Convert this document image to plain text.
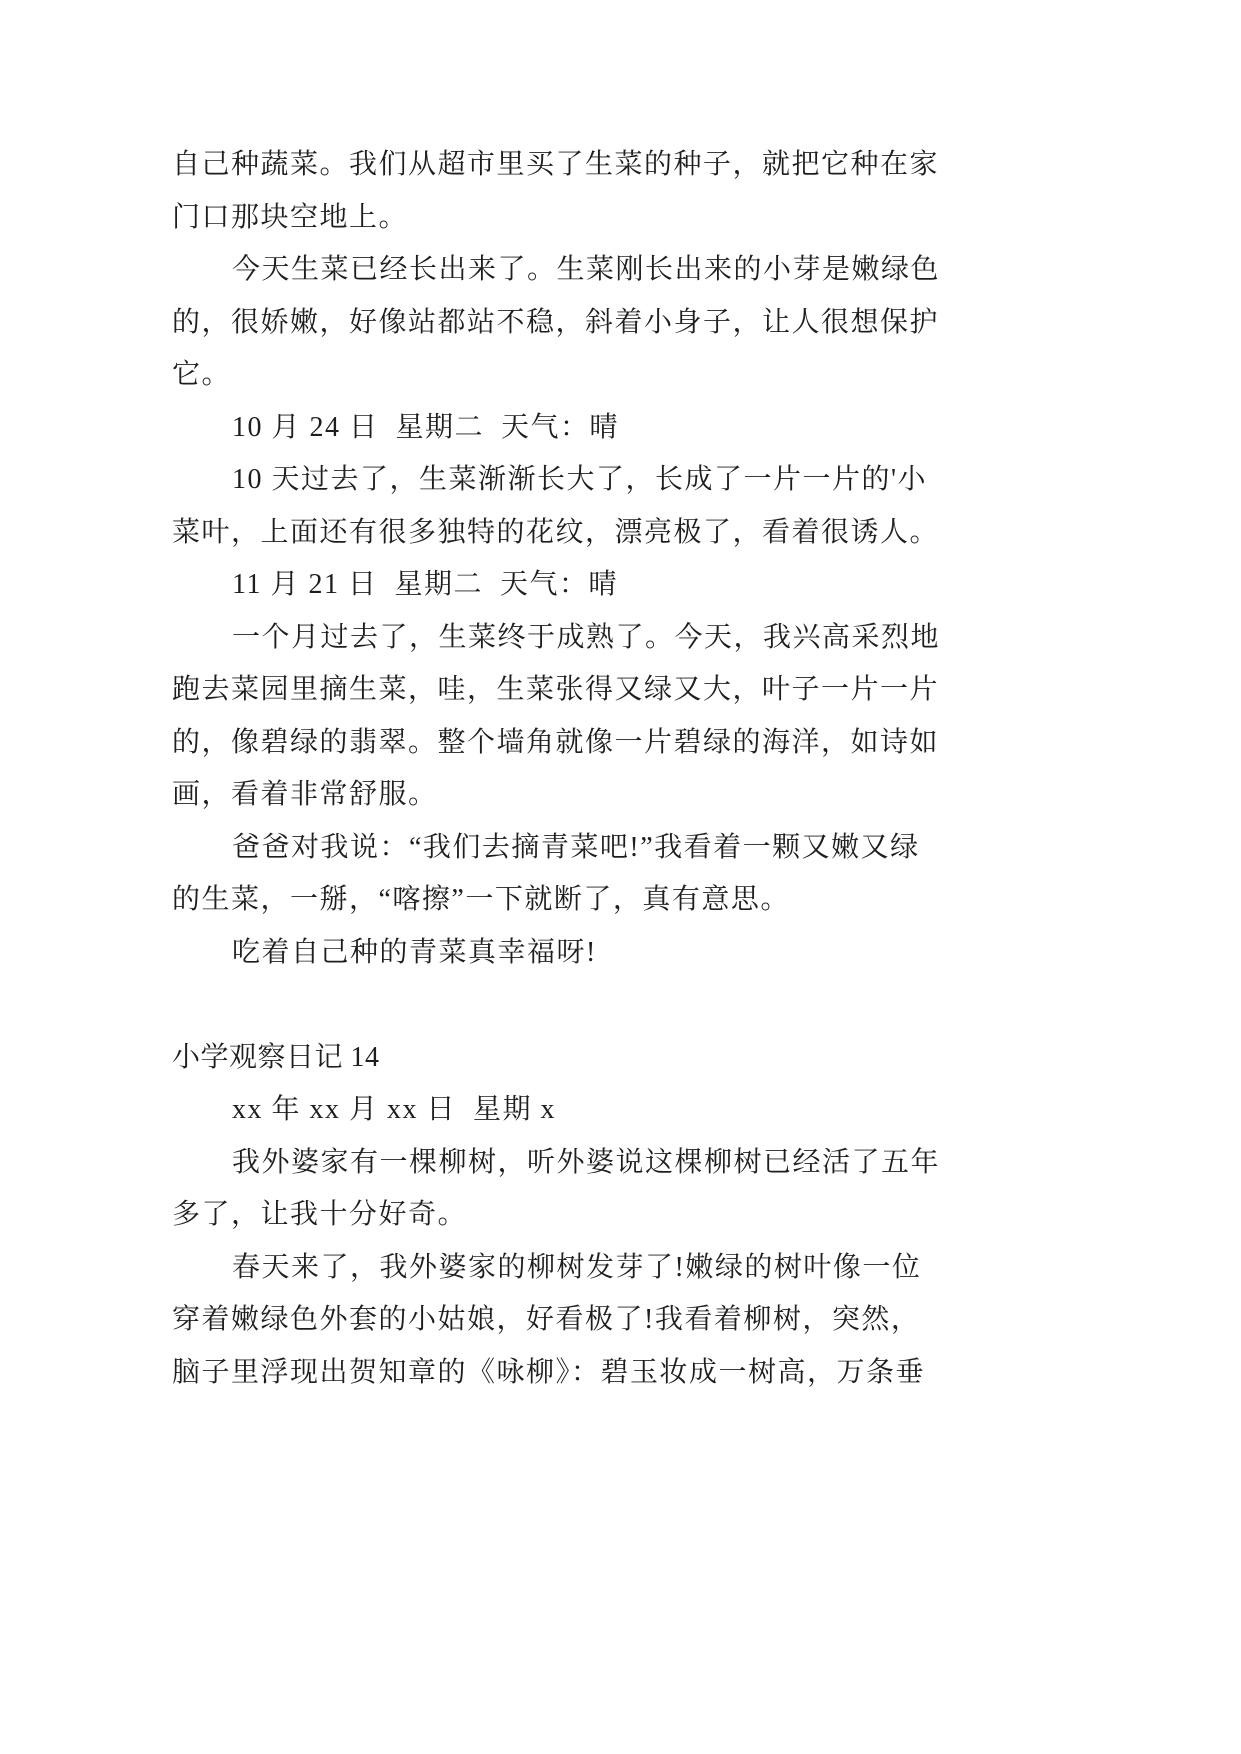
自己种蔬菜。我们从超市里买了生菜的种子，就把它种在家
门口那块空地上。
今天生菜已经长出来了。生菜刚长出来的小芽是嫩绿色
的，很娇嫩，好像站都站不稳，斜着小身子，让人很想保护
它。
10 月 24 日  星期二  天气：晴
10 天过去了，生菜渐渐长大了，长成了一片一片的'小
菜叶，上面还有很多独特的花纹，漂亮极了，看着很诱人。
11 月 21 日  星期二  天气：晴
一个月过去了，生菜终于成熟了。今天，我兴高采烈地
跑去菜园里摘生菜，哇，生菜张得又绿又大，叶子一片一片
的，像碧绿的翡翠。整个墙角就像一片碧绿的海洋，如诗如
画，看着非常舒服。
爸爸对我说：“我们去摘青菜吧!”我看着一颗又嫩又绿
的生菜，一掰，“喀擦”一下就断了，真有意思。
吃着自己种的青菜真幸福呀!
小学观察日记 14
xx 年 xx 月 xx 日  星期 x
我外婆家有一棵柳树，听外婆说这棵柳树已经活了五年
多了，让我十分好奇。
春天来了，我外婆家的柳树发芽了!嫩绿的树叶像一位
穿着嫩绿色外套的小姑娘，好看极了!我看着柳树，突然，
脑子里浮现出贺知章的《咏柳》：碧玉妆成一树高，万条垂
